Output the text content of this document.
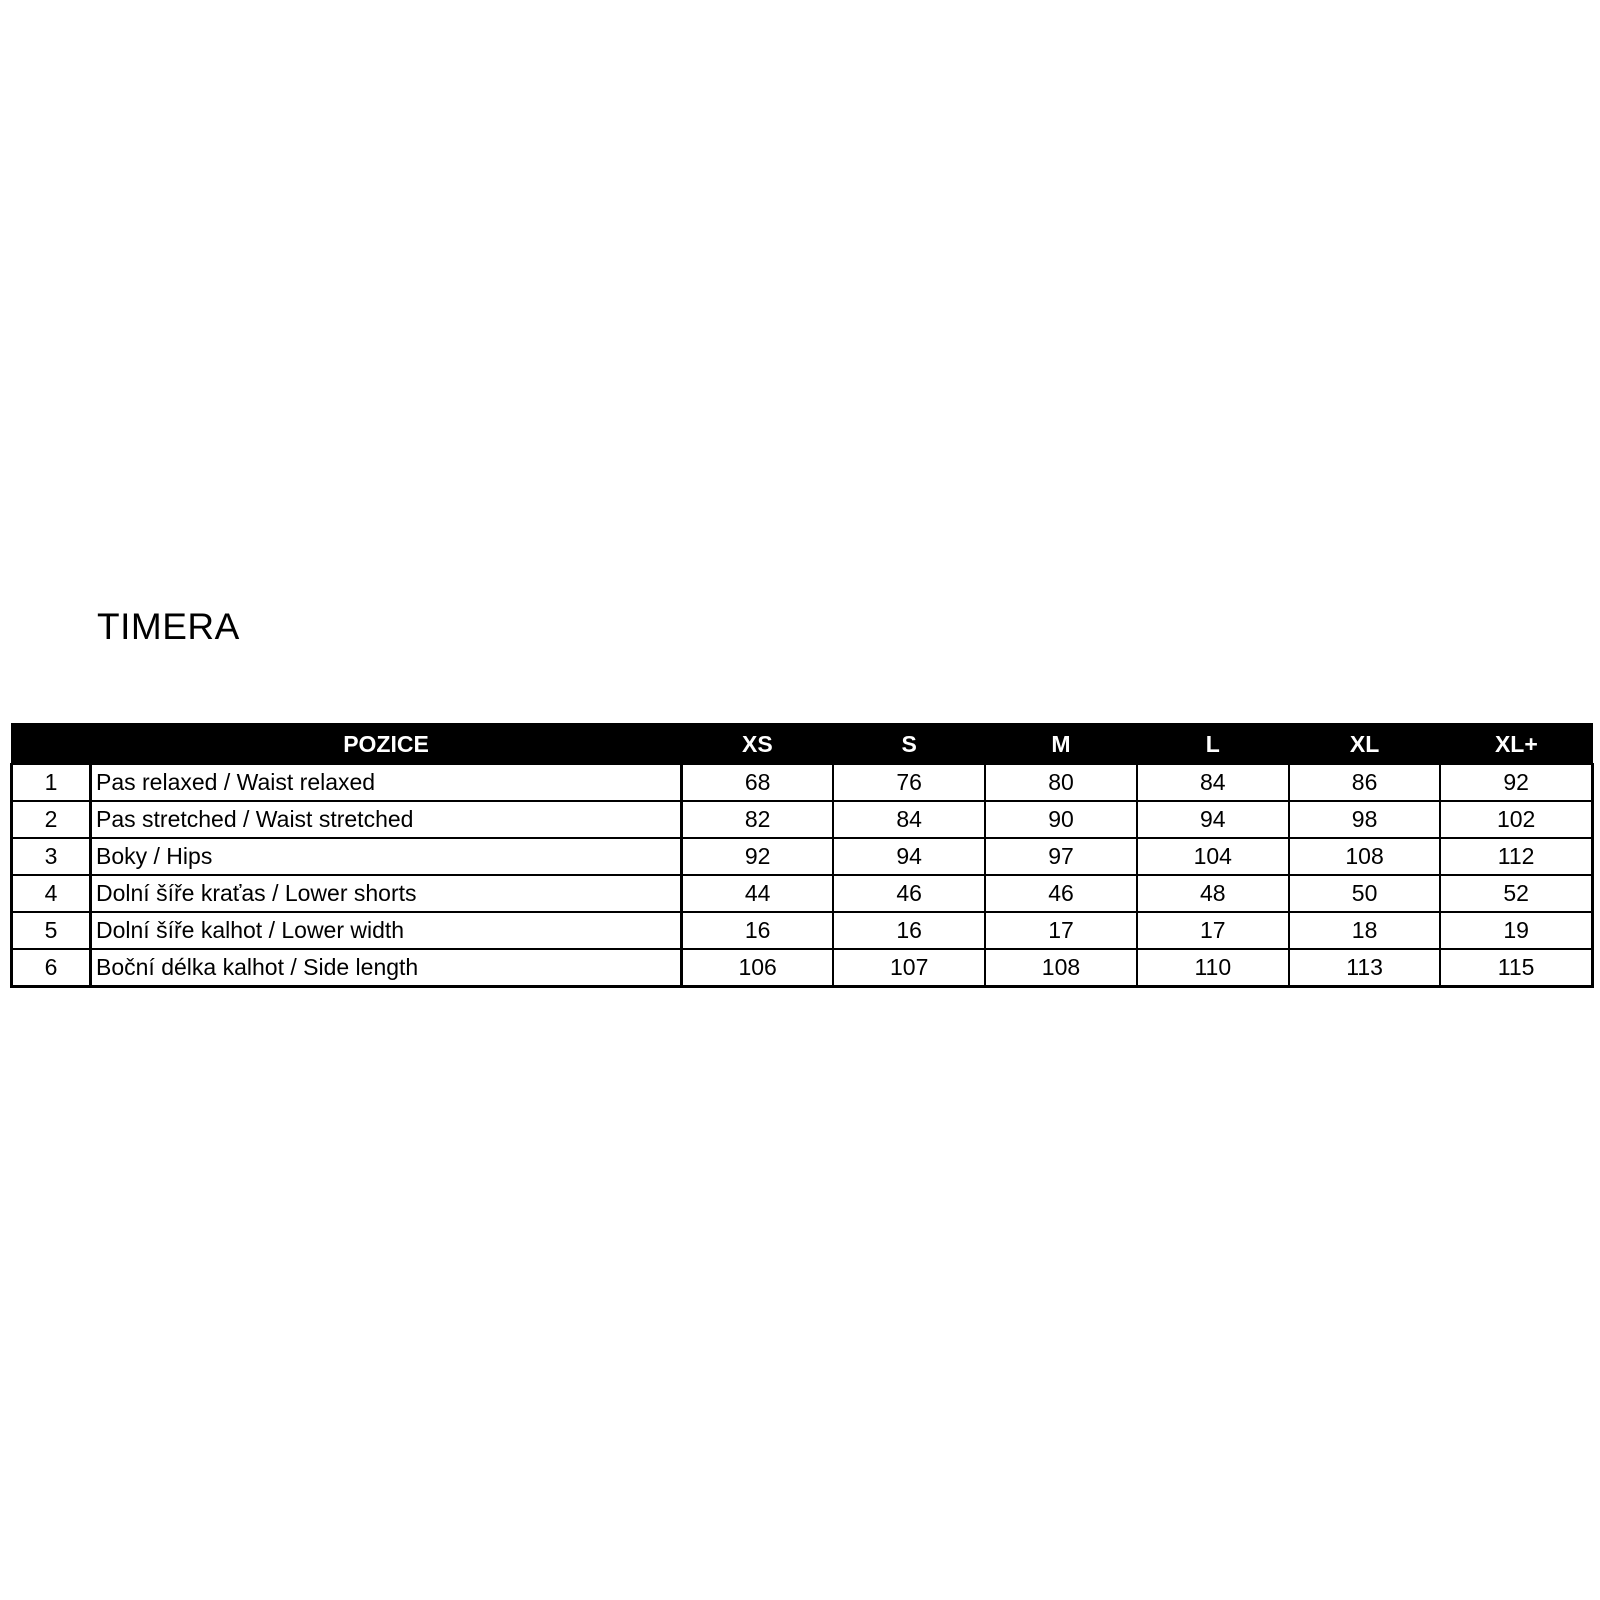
TIMERA
	POZICE	XS	S	M	L	XL	XL+
1	Pas relaxed / Waist relaxed	68	76	80	84	86	92
2	Pas stretched / Waist stretched	82	84	90	94	98	102
3	Boky / Hips	92	94	97	104	108	112
4	Dolní šíře kraťas / Lower shorts	44	46	46	48	50	52
5	Dolní šíře kalhot / Lower width	16	16	17	17	18	19
6	Boční délka kalhot / Side length	106	107	108	110	113	115
